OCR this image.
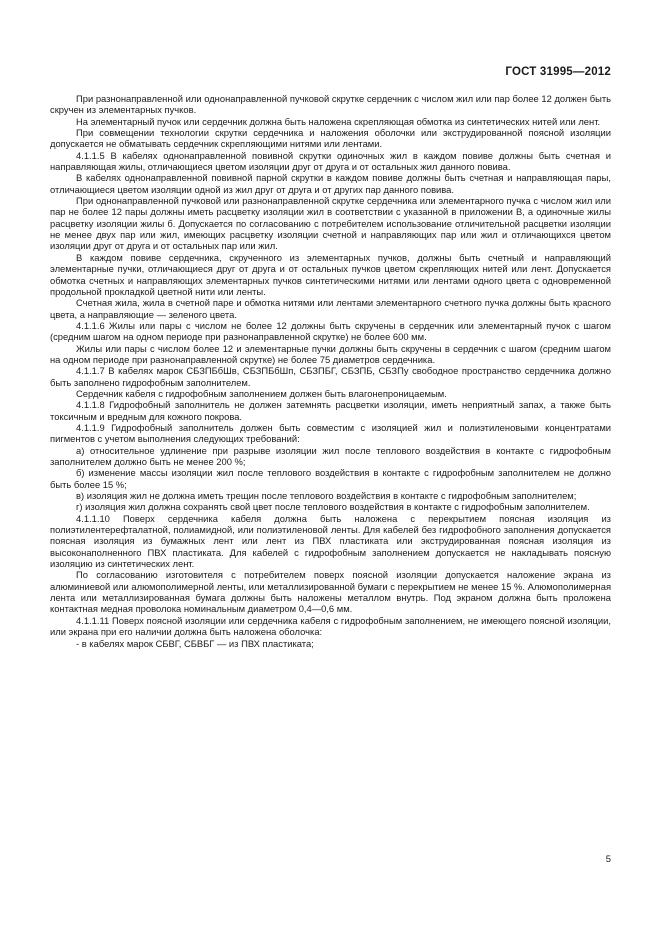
ГОСТ 31995—2012

При разнонаправленной или однонаправленной пучковой скрутке сердечник с числом жил или пар более 12 должен быть скручен из элементарных пучков.

На элементарный пучок или сердечник должна быть наложена скрепляющая обмотка из синтетических нитей или лент.

При совмещении технологии скрутки сердечника и наложения оболочки или экструдированной поясной изоляции допускается не обматывать сердечник скрепляющими нитями или лентами.

4.1.1.5 В кабелях однонаправленной повивной скрутки одиночных жил в каждом повиве должны быть счетная и направляющая жилы, отличающиеся цветом изоляции друг от друга и от остальных жил данного повива.

В кабелях однонаправленной повивной парной скрутки в каждом повиве должны быть счетная и направляющая пары, отличающиеся цветом изоляции одной из жил друг от друга и от других пар данного повива.

При однонаправленной пучковой или разнонаправленной скрутке сердечника или элементарного пучка с числом жил или пар не более 12 пары должны иметь расцветку изоляции жил в соответствии с указанной в приложении В, а одиночные жилы расцветку изоляции жилы б. Допускается по согласованию с потребителем использование отличительной расцветки изоляции не менее двух пар или жил, имеющих расцветку изоляции счетной и направляющих пар или жил и отличающихся цветом изоляции друг от друга и от остальных пар или жил.

В каждом повиве сердечника, скрученного из элементарных пучков, должны быть счетный и направляющий элементарные пучки, отличающиеся друг от друга и от остальных пучков цветом скрепляющих нитей или лент. Допускается обмотка счетных и направляющих элементарных пучков синтетическими нитями или лентами одного цвета с одновременной продольной прокладкой цветной нити или ленты.

Счетная жила, жила в счетной паре и обмотка нитями или лентами элементарного счетного пучка должны быть красного цвета, а направляющие — зеленого цвета.

4.1.1.6 Жилы или пары с числом не более 12 должны быть скручены в сердечник или элементарный пучок с шагом (средним шагом на одном периоде при разнонаправленной скрутке) не более 600 мм.

Жилы или пары с числом более 12 и элементарные пучки должны быть скручены в сердечник с шагом (средним шагом на одном периоде при разнонаправленной скрутке) не более 75 диаметров сердечника.

4.1.1.7 В кабелях марок СБЗПБбШв, СБЗПБбШп, СБЗПБГ, СБЗПБ, СБЗПу свободное пространство сердечника должно быть заполнено гидрофобным заполнителем.

Сердечник кабеля с гидрофобным заполнением должен быть влагонепроницаемым.

4.1.1.8 Гидрофобный заполнитель не должен затемнять расцветки изоляции, иметь неприятный запах, а также быть токсичным и вредным для кожного покрова.

4.1.1.9 Гидрофобный заполнитель должен быть совместим с изоляцией жил и полиэтиленовыми концентратами пигментов с учетом выполнения следующих требований:

а) относительное удлинение при разрыве изоляции жил после теплового воздействия в контакте с гидрофобным заполнителем должно быть не менее 200 %;

б) изменение массы изоляции жил после теплового воздействия в контакте с гидрофобным заполнителем не должно быть более 15 %;

в) изоляция жил не должна иметь трещин после теплового воздействия в контакте с гидрофобным заполнителем;

г) изоляция жил должна сохранять свой цвет после теплового воздействия в контакте с гидрофобным заполнителем.

4.1.1.10 Поверх сердечника кабеля должна быть наложена с перекрытием поясная изоляция из полиэтилентерефталатной, полиамидной, или полиэтиленовой ленты. Для кабелей без гидрофобного заполнения допускается поясная изоляция из бумажных лент или лент из ПВХ пластиката или экструдированная поясная изоляция из высоконаполненного ПВХ пластиката. Для кабелей с гидрофобным заполнением допускается не накладывать поясную изоляцию из синтетических лент.

По согласованию изготовителя с потребителем поверх поясной изоляции допускается наложение экрана из алюминиевой или алюмополимерной ленты, или металлизированной бумаги с перекрытием не менее 15 %. Алюмополимерная лента или металлизированная бумага должны быть наложены металлом внутрь. Под экраном должна быть проложена контактная медная проволока номинальным диаметром 0,4—0,6 мм.

4.1.1.11 Поверх поясной изоляции или сердечника кабеля с гидрофобным заполнением, не имеющего поясной изоляции, или экрана при его наличии должна быть наложена оболочка:

- в кабелях марок СБВГ, СБВБГ — из ПВХ пластиката;

5
